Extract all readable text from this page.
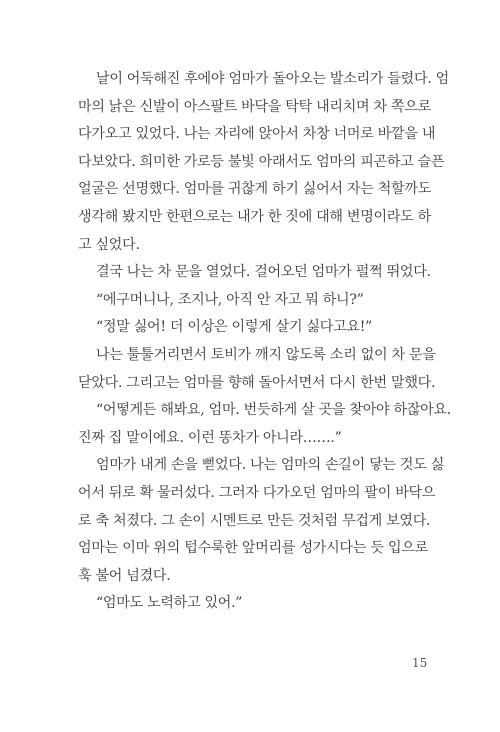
날이 어둑해진 후에야 엄마가 돌아오는 발소리가 들렸다. 엄

마의 낡은 신발이 아스팔트 바닥을 탁탁 내리치며 차 쪽으로

다가오고 있었다. 나는 자리에 앉아서 차창 너머로 바깥을 내

다보았다. 희미한 가로등 불빛 아래서도 엄마의 피곤하고 슬픈

얼굴은 선명했다. 엄마를 귀찮게 하기 싫어서 자는 척할까도

생각해 봤지만 한편으로는 내가 한 짓에 대해 변명이라도 하

고 싶었다.

결국 나는 차 문을 열었다. 걸어오던 엄마가 펄쩍 뛰었다.

“에구머니나, 조지나, 아직 안 자고 뭐 하니?”

“정말 싫어! 더 이상은 이렇게 살기 싫다고요!”

나는 툴툴거리면서 토비가 깨지 않도록 소리 없이 차 문을

닫았다. 그리고는 엄마를 향해 돌아서면서 다시 한번 말했다.

“어떻게든 해봐요, 엄마. 번듯하게 살 곳을 찾아야 하잖아요.

진짜 집 말이에요. 이런 똥차가 아니라…….”

엄마가 내게 손을 뻗었다. 나는 엄마의 손길이 닿는 것도 싫

어서 뒤로 확 물러섰다. 그러자 다가오던 엄마의 팔이 바닥으

로 축 처졌다. 그 손이 시멘트로 만든 것처럼 무겁게 보였다.

엄마는 이마 위의 텁수룩한 앞머리를 성가시다는 듯 입으로

훅 불어 넘겼다.

“엄마도 노력하고 있어.”

15
